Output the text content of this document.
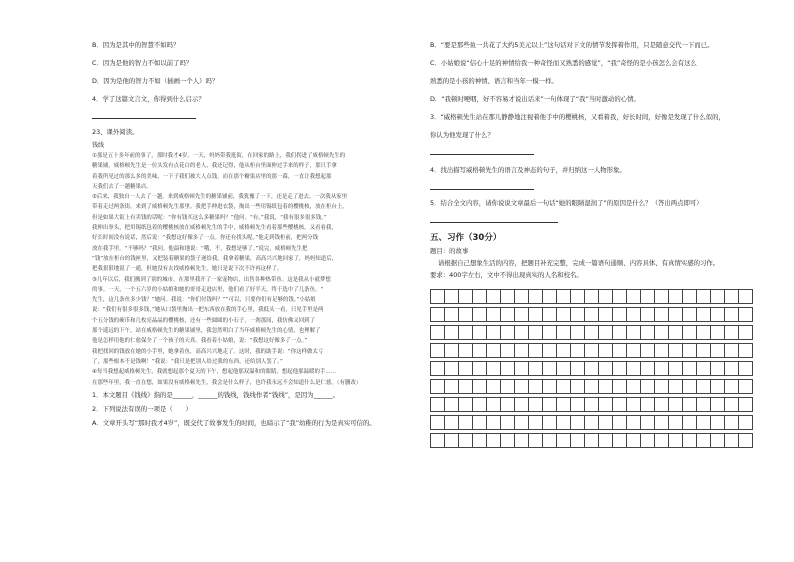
B．因为是其中的智慧不如吗？
C．因为是他的智力不如以前了吗？
D．因为是他的智力不如（插画一个人）吗？
4．学了这篇文言文，你得到什么启示？
23、课外阅读。
钱线
①那是五十多年前的事了，那时我才4岁。一天，妈妈带我逛街，在回家的路上，我们拐进了威格顿先生的
糖果铺。威格顿先生是一位头发有点花白的老人，我还记得，他从柜台里面伸过手来的样子，那只手拿
着我所见过的那么多的美味，一下子我们被大人点钱，而在那个糖果店里的那一幕，一直让我想起那
天我们去了一趟糖果店。
②后来，我独自一人去了一趟，来到威格顿先生的糖果铺前，我犹豫了一下，还是走了进去。一次我从家里
带着走过两条街，来到了威格顿先生那里。我把手伸进衣袋，掏出一些用锡纸包着的樱桃核，放在柜台上。
但是如果大街上有卖钱的话呢：“你有钱买这么多糖果吗？”他问。“有，”我说，“我有很多很多钱。”
我伸出拳头，把用锡纸包着的樱桃核放在威格顿先生的手中，威格顿先生看着那些樱桃核，又看看我，
好长时间没有说话，然后说：“我想这好像多了一点。你还有找头呢。”他走到钱柜前，把两分钱
放在我手里。“不够吗？”我问。他温和地说：“哦，不，我想是够了。”说完，威格顿先生把
“钱”放在柜台的钱匣里，又把装着糖果的袋子递给我。我拿着糖果，高高兴兴地回家了，妈妈知道后，
把我狠狠地说了一通，但她没有去找威格顿先生，她只是说下次不许再这样了。
③几年以后，我们搬到了别的城市。在那里我开了一家宠物店，出售各种热带鱼。这是我从小就梦想
的事。一天，一个五六岁的小姑娘和她的哥哥走进店里，他们看了好半天，终于选中了几条鱼。“
先生，这几条鱼多少钱？”她问。我说：“你们付钱吗？”“可以，只要你们有足够的钱。”小姑娘
说：“我们有很多很多钱，”她从口袋里掏出一把东西放在我的手心里，我低头一看，只见手里是两
个五分钱的硬币和几枚亮晶晶的樱桃核，还有一些圆圆的小石子。一刹那间，我仿佛又回到了
那个遥远的下午，站在威格顿先生的糖果铺里，我忽然明白了当年威格顿先生的心情，也理解了
他是怎样用他的仁慈保全了一个孩子的天真。我看着小姑娘，说：“我想这好像多了一点。”
我把找回的钱放在她的小手里，她拿着鱼，高高兴兴地走了。这时，我的助手说：“你这样做太亏
了，那些根本不是钱啊！”我说：“我只是把别人给过我的东西，还给别人罢了。”
④每当我想起威格顿先生，我就想起那个夏天的下午，想起他那双温和的眼睛，想起他那温暖的手……
在那些年里，我一直在想，如果没有威格顿先生，我会是什么样子，也许我永远不会知道什么是仁慈。（有删改）
1．本文题目《钱线》指的是______，______的钱线，钱线作者“钱线”，是因为______。
2．下列说法有误的一项是（　　）
A．文章开头写“那时我才4岁”，既交代了故事发生的时间，也暗示了“我”幼稚的行为是真实可信的。
B．“要是那些鱼一共花了大约5美元以上”这句话对下文的情节发挥着作用，只是随意交代一下而已。
C．小姑娘说“信心十足的神情给我一种奇怪而又熟悉的感觉”，“我”奇怪的是小孩怎么会有这么
熟悉的是小孩的神情、语言和当年一模一样。
D．“我顿时哽咽，好不容易才说出话来”一句体现了“我”当时激动的心情。
3．“威格顿先生站在那儿静静地注视着他手中的樱桃核，又看着我，好长时间，好像是发现了什么似的，
你认为他发现了什么？
4．找出描写威格顿先生的语言及神态的句子，并归纳这一人物形象。
5．结合全文内容，请你说说文章最后一句话“她的眼睛湿润了”的原因是什么？（答出两点即可）
五、习作（30分）
题目：的故事
请根据自己想象生活的内容，把题目补充完整，完成一篇语句通顺、内容具体、有真情实感的习作。
要求：400字左右，文中不得出现真实的人名和校名。
